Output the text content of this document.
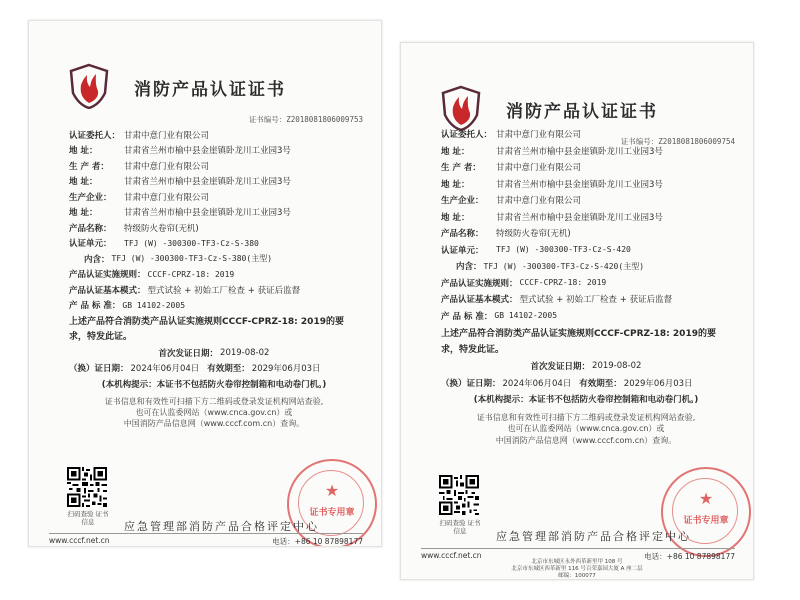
消防产品认证证书
证书编号：Z2018081806009753
认证委托人： 甘肃中意门业有限公司
地 址：	甘肃省兰州市榆中县金崖镇卧龙川工业园3号
生 产 者：	甘肃中意门业有限公司
地 址：	甘肃省兰州市榆中县金崖镇卧龙川工业园3号
生产企业：	甘肃中意门业有限公司
地 址：	甘肃省兰州市榆中县金崖镇卧龙川工业园3号
产品名称：	特级防火卷帘(无机)
认证单元：	TFJ (W) -300300-TF3-Cz-S-380
内含： TFJ (W) -300300-TF3-Cz-S-380(主型)
产品认证实施规则： CCCF-CPRZ-18: 2019
产品认证基本模式： 型式试验 + 初始工厂检查 + 获证后监督
产 品 标 准： GB 14102-2005
上述产品符合消防类产品认证实施规则CCCF-CPRZ-18: 2019的要求，特发此证。
首次发证日期： 2019-08-02
（换）证日期： 2024年06月04日 有效期至： 2029年06月03日
(本机构提示：本证书不包括防火卷帘控制箱和电动卷门机。)
证书信息和有效性可扫描下方二维码或登录发证机构网站查验,
也可在认监委网站（www.cnca.gov.cn）或
中国消防产品信息网（www.cccf.com.cn）查询。
扫码查验 证书信息
★
证书专用章
应急管理部消防产品合格评定中心
www.cccf.net.cn	电话：+86 10 87898177
消防产品认证证书
证书编号：Z2018081806009754
认证委托人： 甘肃中意门业有限公司
地 址：	甘肃省兰州市榆中县金崖镇卧龙川工业园3号
生 产 者：	甘肃中意门业有限公司
地 址：	甘肃省兰州市榆中县金崖镇卧龙川工业园3号
生产企业：	甘肃中意门业有限公司
地 址：	甘肃省兰州市榆中县金崖镇卧龙川工业园3号
产品名称：	特级防火卷帘(无机)
认证单元：	TFJ (W) -300300-TF3-Cz-S-420
内含： TFJ (W) -300300-TF3-Cz-S-420(主型)
产品认证实施规则： CCCF-CPRZ-18: 2019
产品认证基本模式： 型式试验 + 初始工厂检查 + 获证后监督
产 品 标 准： GB 14102-2005
上述产品符合消防类产品认证实施规则CCCF-CPRZ-18: 2019的要求，特发此证。
首次发证日期： 2019-08-02
（换）证日期： 2024年06月04日 有效期至： 2029年06月03日
(本机构提示：本证书不包括防火卷帘控制箱和电动卷门机。)
证书信息和有效性可扫描下方二维码或登录发证机构网站查验,
也可在认监委网站（www.cnca.gov.cn）或
中国消防产品信息网（www.cccf.com.cn）查询。
扫码查验 证书信息
★
证书专用章
应急管理部消防产品合格评定中心
www.cccf.net.cn	电话：+86 10 87898177
北京市东城区永外西革新里甲 108 号
北京市东城区西革新里 116 号百荣嘉园大厦 A 座二层
邮编：100077
